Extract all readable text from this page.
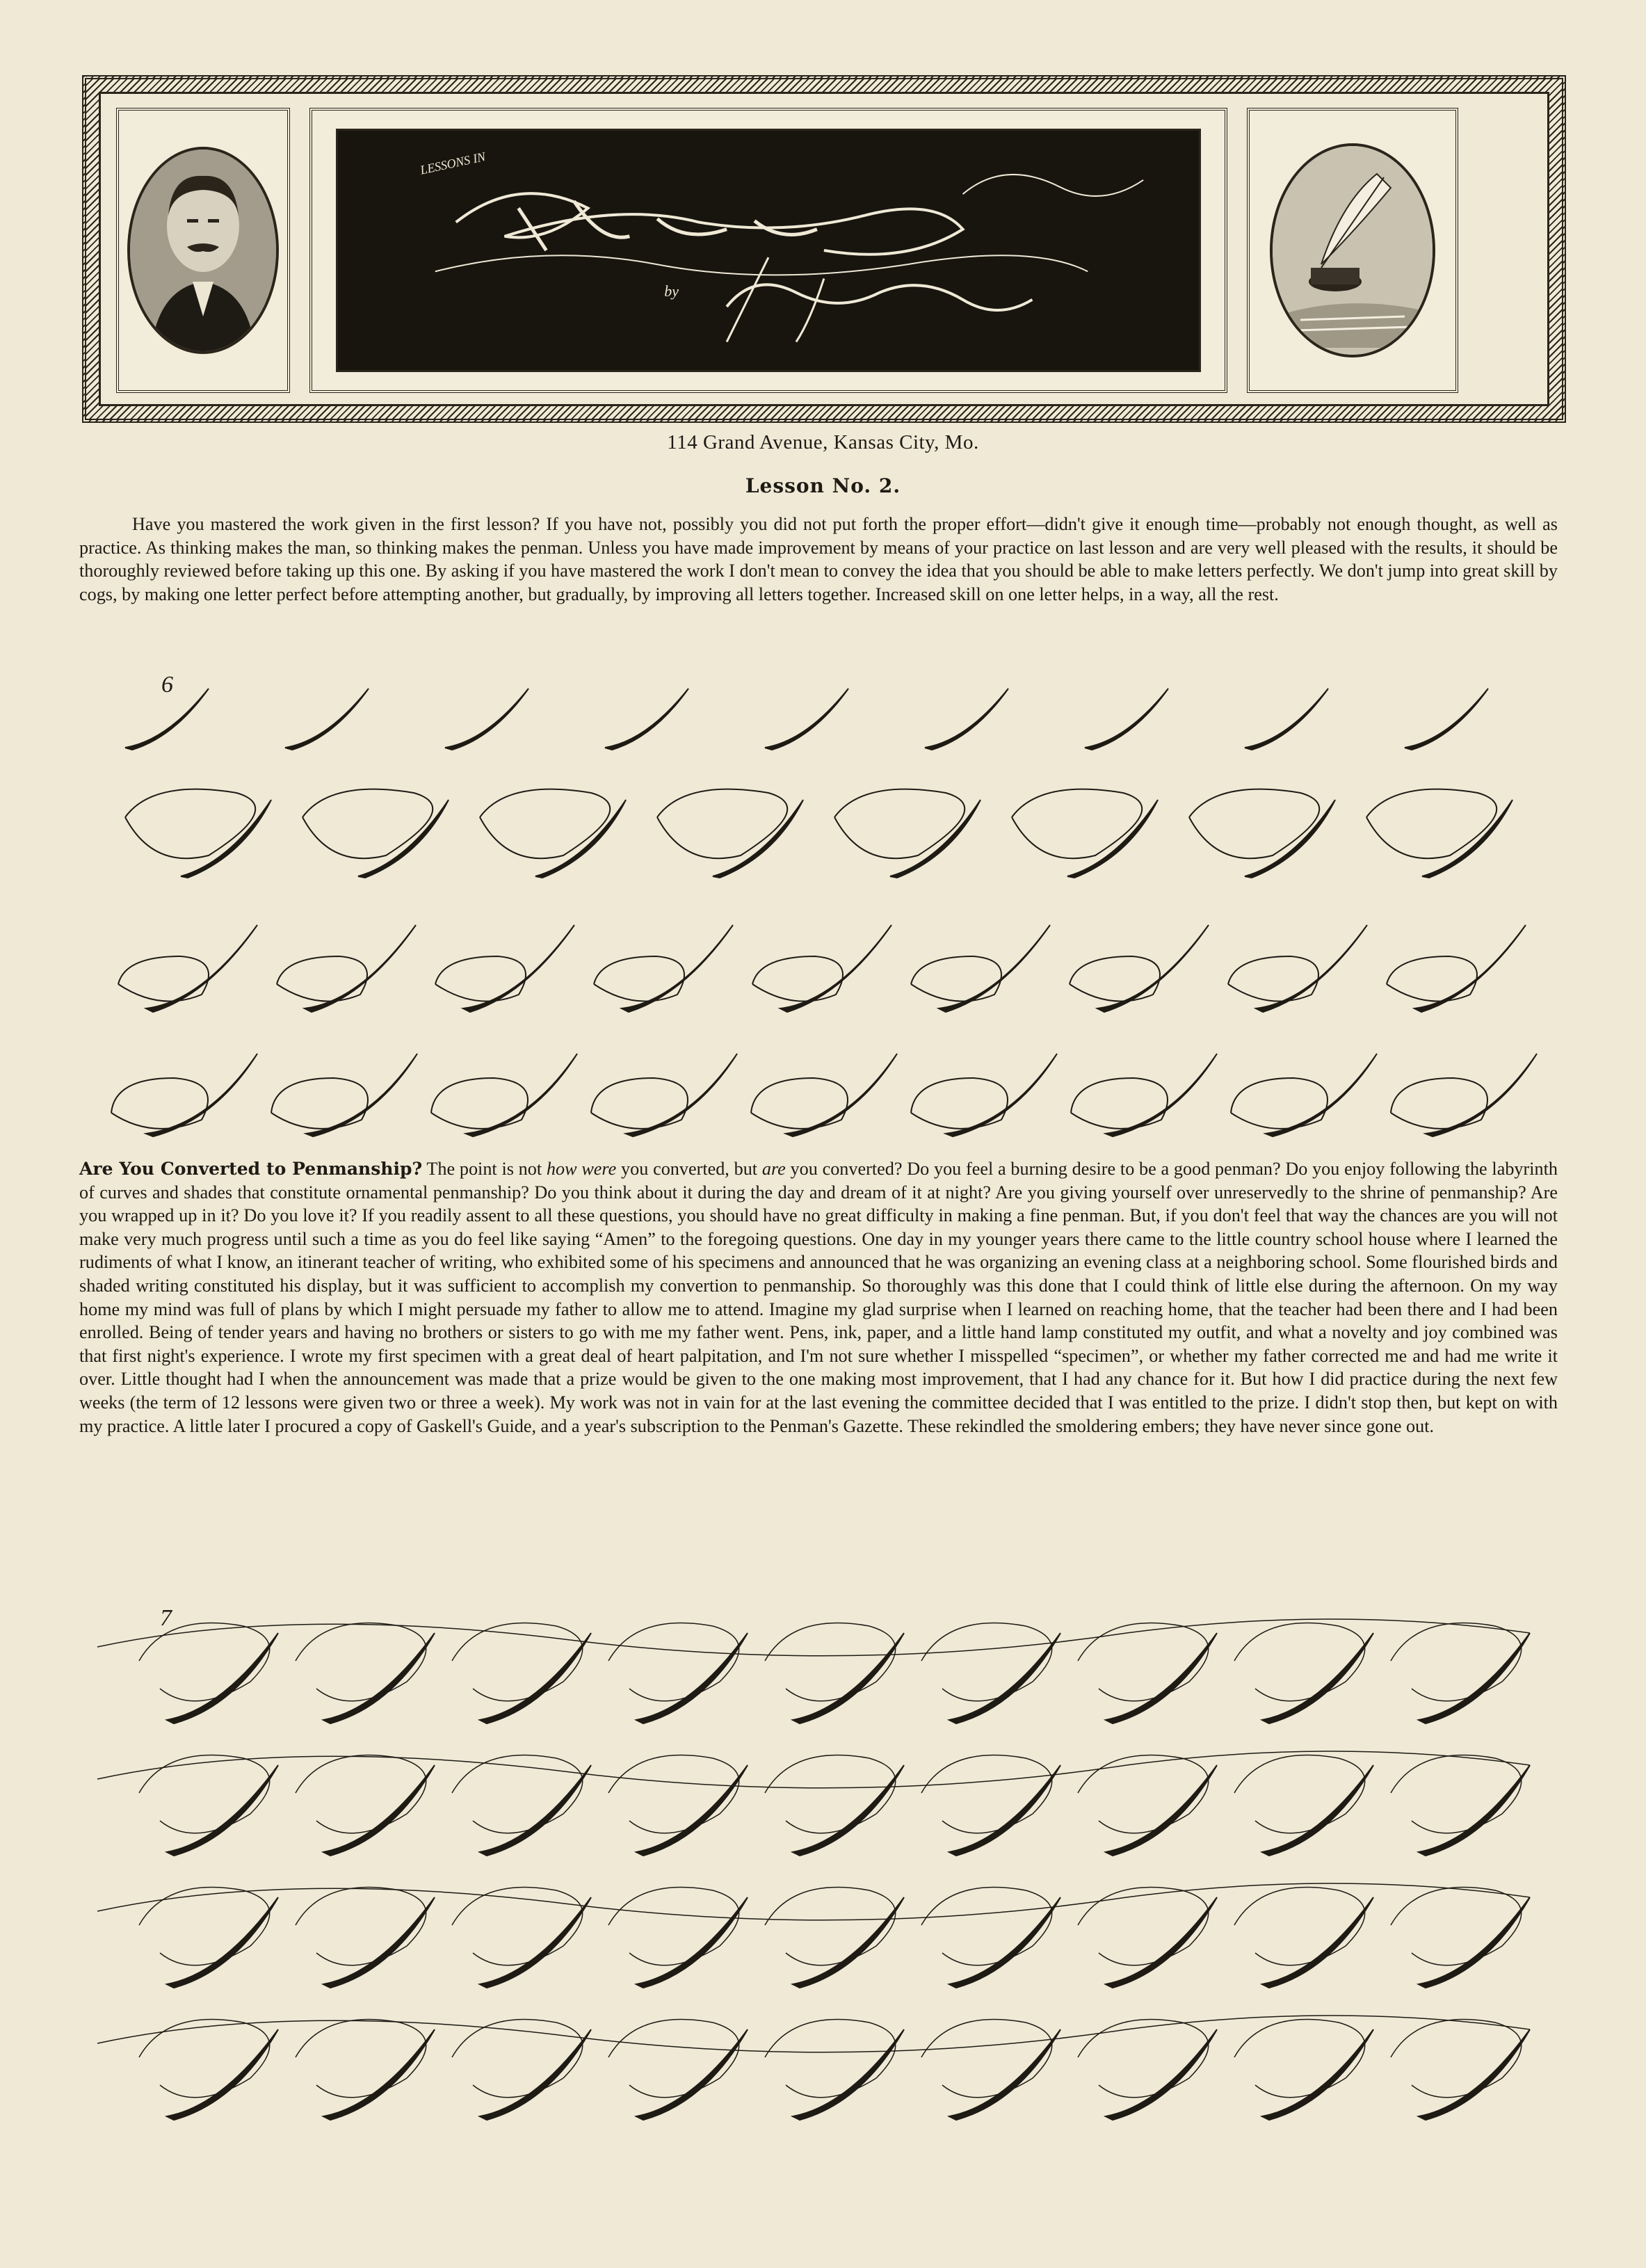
LESSONS IN
by
114 Grand Avenue, Kansas City, Mo.
Lesson No. 2.

Have you mastered the work given in the first lesson? If you have not, possibly you did not put forth the proper effort—didn't give it enough time—probably not enough thought, as well as practice. As thinking makes the man, so thinking makes the penman. Unless you have made improvement by means of your practice on last lesson and are very well pleased with the results, it should be thoroughly reviewed before taking up this one. By asking if you have mastered the work I don't mean to convey the idea that you should be able to make letters perfectly. We don't jump into great skill by cogs, by making one letter perfect before attempting another, but gradually, by improving all letters together. Increased skill on one letter helps, in a way, all the rest.

6

Are You Converted to Penmanship? The point is not how were you converted, but are you converted? Do you feel a burning desire to be a good penman? Do you enjoy following the labyrinth of curves and shades that constitute ornamental penmanship? Do you think about it during the day and dream of it at night? Are you giving yourself over unreservedly to the shrine of penmanship? Are you wrapped up in it? Do you love it? If you readily assent to all these questions, you should have no great difficulty in making a fine penman. But, if you don't feel that way the chances are you will not make very much progress until such a time as you do feel like saying “Amen” to the foregoing questions. One day in my younger years there came to the little country school house where I learned the rudiments of what I know, an itinerant teacher of writing, who exhibited some of his specimens and announced that he was organizing an evening class at a neighboring school. Some flourished birds and shaded writing constituted his display, but it was sufficient to accomplish my convertion to penmanship. So thoroughly was this done that I could think of little else during the afternoon. On my way home my mind was full of plans by which I might persuade my father to allow me to attend. Imagine my glad surprise when I learned on reaching home, that the teacher had been there and I had been enrolled. Being of tender years and having no brothers or sisters to go with me my father went. Pens, ink, paper, and a little hand lamp constituted my outfit, and what a novelty and joy combined was that first night's experience. I wrote my first specimen with a great deal of heart palpitation, and I'm not sure whether I misspelled “specimen”, or whether my father corrected me and had me write it over. Little thought had I when the announcement was made that a prize would be given to the one making most improvement, that I had any chance for it. But how I did practice during the next few weeks (the term of 12 lessons were given two or three a week). My work was not in vain for at the last evening the committee decided that I was entitled to the prize. I didn't stop then, but kept on with my practice. A little later I procured a copy of Gaskell's Guide, and a year's subscription to the Penman's Gazette. These rekindled the smoldering embers; they have never since gone out.

7
